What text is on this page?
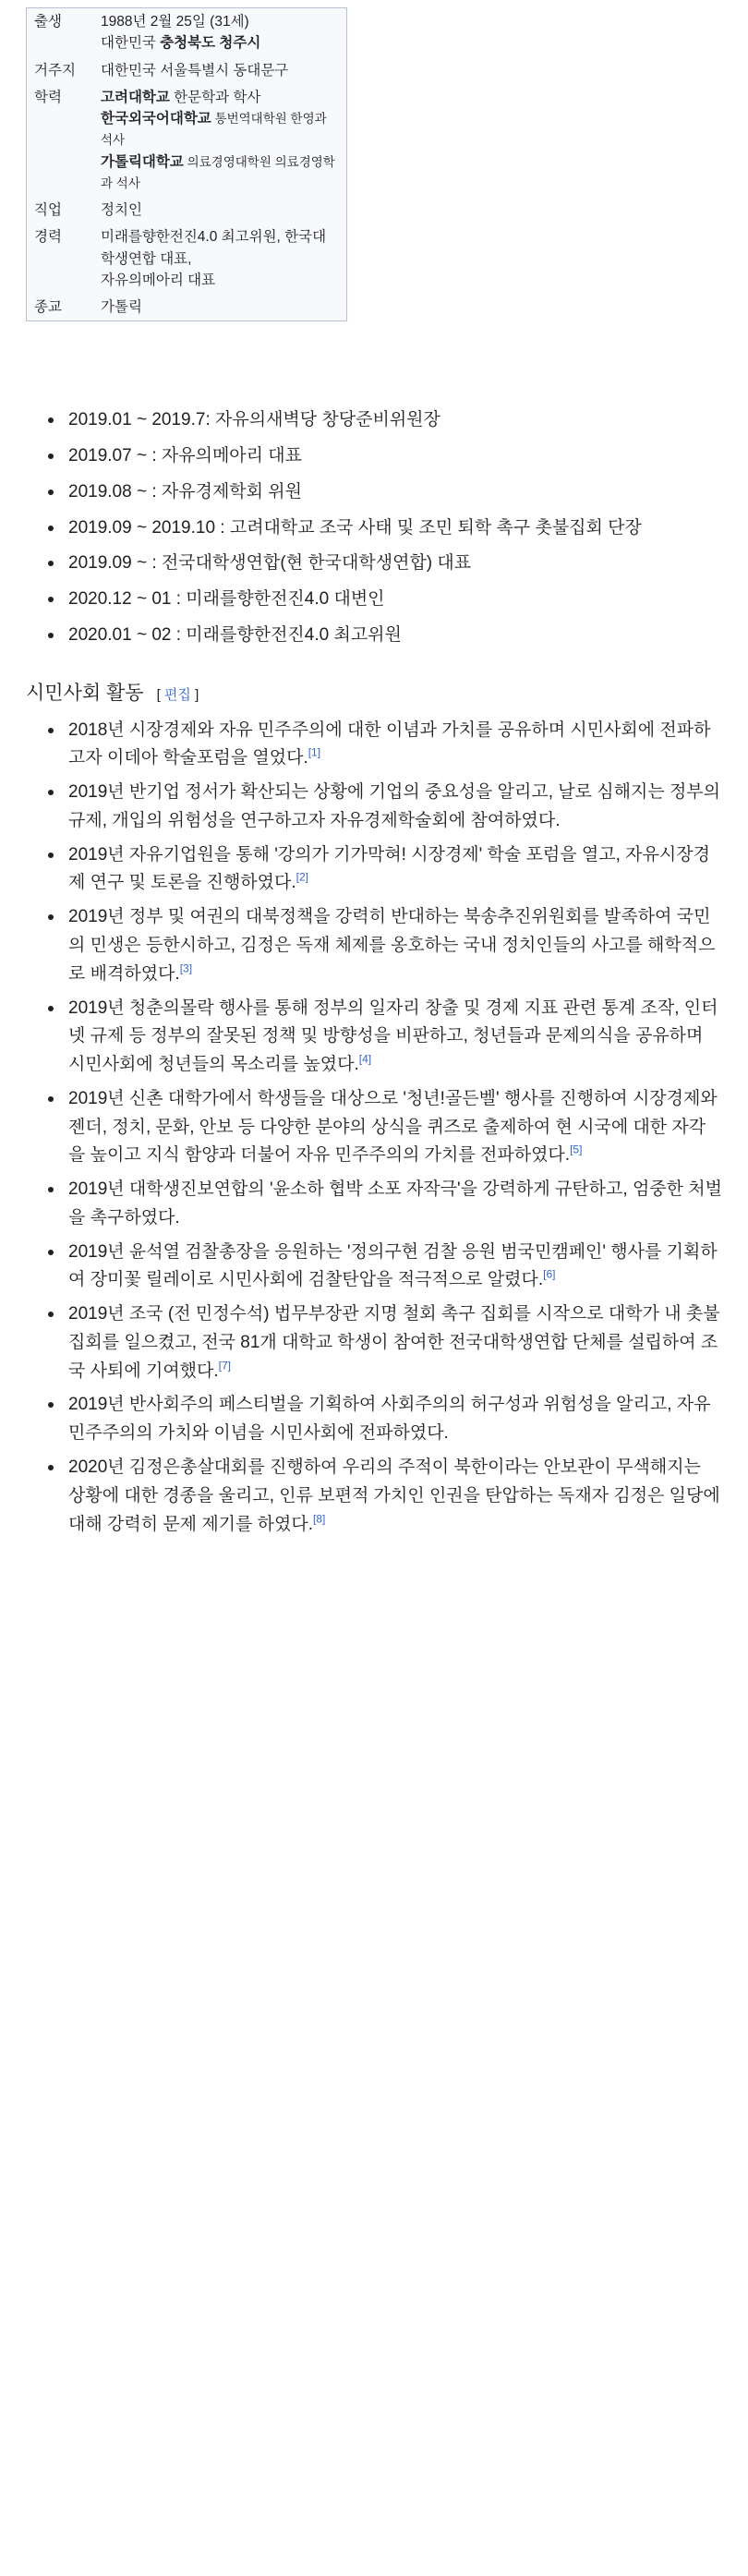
출생	1988년 2월 25일 (31세)
대한민국 충청북도 청주시

거주지	대한민국 서울특별시 동대문구

학력	고려대학교 한문학과 학사
한국외국어대학교 통번역대학원 한영과 석사
가톨릭대학교 의료경영대학원 의료경영학과 석사

직업	정치인

경력	미래를향한전진4.0 최고위원, 한국대학생연합 대표,
자유의메아리 대표

종교	가톨릭
2019.01 ~ 2019.7: 자유의새벽당 창당준비위원장
2019.07 ~ : 자유의메아리 대표
2019.08 ~ : 자유경제학회 위원
2019.09 ~ 2019.10 : 고려대학교 조국 사태 및 조민 퇴학 촉구 촛불집회 단장
2019.09 ~ : 전국대학생연합(현 한국대학생연합) 대표
2020.12 ~ 01 : 미래를향한전진4.0 대변인
2020.01 ~ 02 : 미래를향한전진4.0 최고위원
시민사회 활동 [ 편집 ]
2018년 시장경제와 자유 민주주의에 대한 이념과 가치를 공유하며 시민사회에 전파하고자 이데아 학술포럼을 열었다.[1]
2019년 반기업 정서가 확산되는 상황에 기업의 중요성을 알리고, 날로 심해지는 정부의 규제, 개입의 위험성을 연구하고자 자유경제학술회에 참여하였다.
2019년 자유기업원을 통해 '강의가 기가막혀! 시장경제' 학술 포럼을 열고, 자유시장경제 연구 및 토론을 진행하였다.[2]
2019년 정부 및 여권의 대북정책을 강력히 반대하는 북송추진위원회를 발족하여 국민의 민생은 등한시하고, 김정은 독재 체제를 옹호하는 국내 정치인들의 사고를 해학적으로 배격하였다.[3]
2019년 청춘의몰락 행사를 통해 정부의 일자리 창출 및 경제 지표 관련 통계 조작, 인터넷 규제 등 정부의 잘못된 정책 및 방향성을 비판하고, 청년들과 문제의식을 공유하며 시민사회에 청년들의 목소리를 높였다.[4]
2019년 신촌 대학가에서 학생들을 대상으로 '청년!골든벨' 행사를 진행하여 시장경제와 젠더, 정치, 문화, 안보 등 다양한 분야의 상식을 퀴즈로 출제하여 현 시국에 대한 자각을 높이고 지식 함양과 더불어 자유 민주주의의 가치를 전파하였다.[5]
2019년 대학생진보연합의 '윤소하 협박 소포 자작극'을 강력하게 규탄하고, 엄중한 처벌을 촉구하였다.
2019년 윤석열 검찰총장을 응원하는 '정의구현 검찰 응원 범국민캠페인' 행사를 기획하여 장미꽃 릴레이로 시민사회에 검찰탄압을 적극적으로 알렸다.[6]
2019년 조국 (전 민정수석) 법무부장관 지명 철회 촉구 집회를 시작으로 대학가 내 촛불집회를 일으켰고, 전국 81개 대학교 학생이 참여한 전국대학생연합 단체를 설립하여 조국 사퇴에 기여했다.[7]
2019년 반사회주의 페스티벌을 기획하여 사회주의의 허구성과 위험성을 알리고, 자유 민주주의의 가치와 이념을 시민사회에 전파하였다.
2020년 김정은총살대회를 진행하여 우리의 주적이 북한이라는 안보관이 무색해지는 상황에 대한 경종을 울리고, 인류 보편적 가치인 인권을 탄압하는 독재자 김정은 일당에 대해 강력히 문제 제기를 하였다.[8]
